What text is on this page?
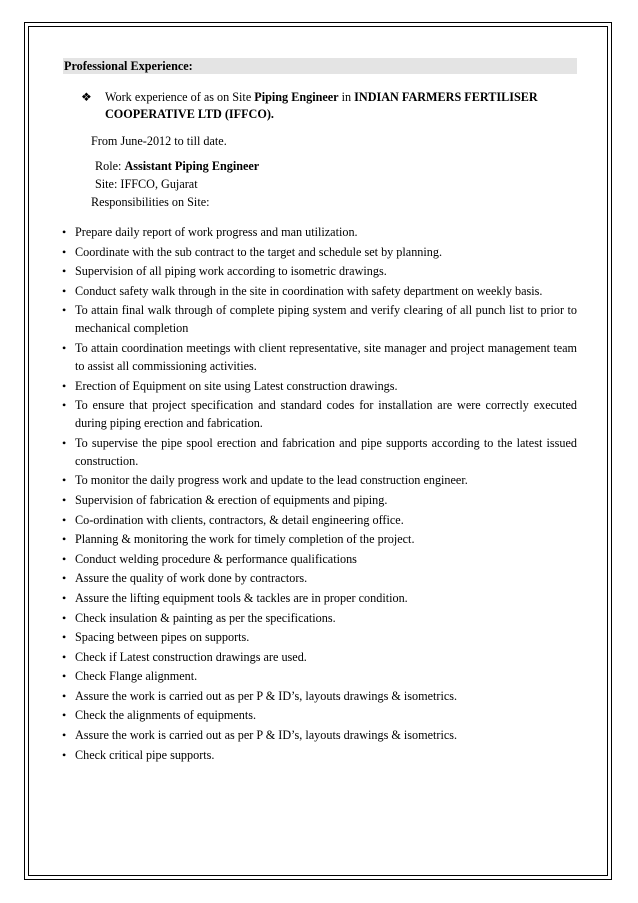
Professional Experience:
❖ Work experience of as on Site Piping Engineer in INDIAN FARMERS FERTILISER
COOPERATIVE LTD (IFFCO).
From June-2012 to till date.
Role: Assistant Piping Engineer
Site: IFFCO, Gujarat
Responsibilities on Site:
• Prepare daily report of work progress and man utilization.
• Coordinate with the sub contract to the target and schedule set by planning.
• Supervision of all piping work according to isometric drawings.
• Conduct safety walk through in the site in coordination with safety department on weekly basis.
• To attain final walk through of complete piping system and verify clearing of all punch list to prior to mechanical completion
• To attain coordination meetings with client representative, site manager and project management team to assist all commissioning activities.
• Erection of Equipment on site using Latest construction drawings.
• To ensure that project specification and standard codes for installation are were correctly executed during piping erection and fabrication.
• To supervise the pipe spool erection and fabrication and pipe supports according to the latest issued construction.
• To monitor the daily progress work and update to the lead construction engineer.
• Supervision of fabrication & erection of equipments and piping.
• Co-ordination with clients, contractors, & detail engineering office.
• Planning & monitoring the work for timely completion of the project.
• Conduct welding procedure & performance qualifications
• Assure the quality of work done by contractors.
• Assure the lifting equipment tools & tackles are in proper condition.
• Check insulation & painting as per the specifications.
• Spacing between pipes on supports.
• Check if Latest construction drawings are used.
• Check Flange alignment.
• Assure the work is carried out as per P & ID’s, layouts drawings & isometrics.
• Check the alignments of equipments.
• Assure the work is carried out as per P & ID’s, layouts drawings & isometrics.
• Check critical pipe supports.
